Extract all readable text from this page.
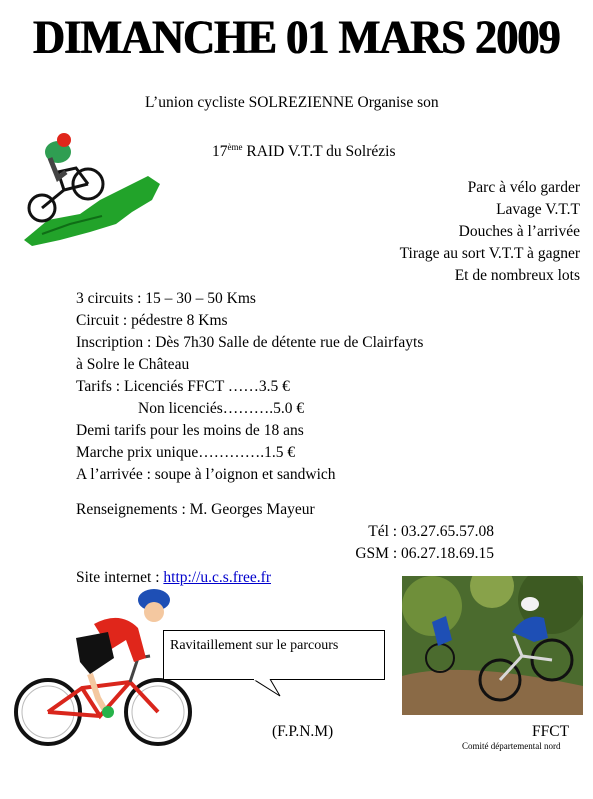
DIMANCHE 01 MARS 2009
L’union cycliste SOLREZIENNE Organise son
17ème RAID V.T.T du Solrézis
Parc à vélo garder
Lavage V.T.T
Douches à l’arrivée
Tirage au sort V.T.T à gagner
Et de nombreux lots
3 circuits : 15 – 30 – 50 Kms
Circuit : pédestre 8 Kms
Inscription : Dès 7h30 Salle de détente rue de Clairfayts
à Solre le Château
Tarifs : Licenciés FFCT ……3.5 €
Non licenciés……….5.0 €
Demi tarifs pour les moins de 18 ans
Marche prix unique………….1.5 €
A l’arrivée : soupe à l’oignon et sandwich
Renseignements : M. Georges Mayeur
Tél : 03.27.65.57.08
GSM : 06.27.18.69.15
Site internet : http://u.c.s.free.fr
Ravitaillement sur le parcours
(F.P.N.M)	FFCT
Comité départemental nord
